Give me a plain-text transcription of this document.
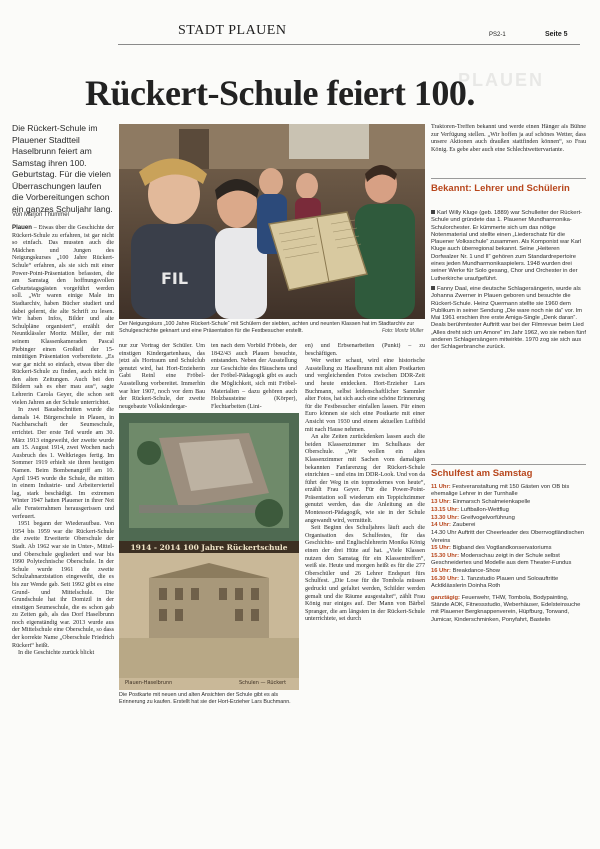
STADT PLAUEN	PS2-1	Seite 5
PLAUEN
Rückert-Schule feiert 100.
Die Rückert-Schule im Plauener Stadtteil Haselbrunn feiert am Samstag ihren 100. Geburtstag. Für die vielen Überraschungen laufen die Vorbereitungen schon ein ganzes Schuljahr lang.
Von Marjon Thümmel

Plauen – Etwas über die Geschichte der Rückert-Schule zu erfahren, ist gar nicht so einfach. Das mussten auch die Mädchen und Jungen des Neigungskurses „100 Jahre Rückert-Schule“ erfahren, als sie sich mit einer Power-Point-Präsentation befassten, die am Samstag den hoffnungsvollen Geburtstagsgästen vorgeführt werden soll. „Wir waren einige Male im Stadtarchiv, haben Bücher studiert und dabei gelernt, die alte Schrift zu lesen. Wir haben Infos, Bilder und alte Schulpläne organisiert“, erzählt der Neuntklässler Moritz Müller, der mit seinem Klassenkameraden Pascal Piebinger einen Großteil der 15-minütigen Präsentation vorbereitete. „Es war gar nicht so einfach, etwas über die Rückert-Schule zu finden, auch nicht in den alten Zeitungen. Auch bei den Bildern sah es eher mau aus“, sagte Lehrerin Carola Geyer, die schon seit vielen Jahren an der Schule unterrichtet.

In zwei Bauabschnitten wurde die damals 14. Bürgerschule in Plauen, in Nachbarschaft der Seumeschule, errichtet. Der erste Teil wurde am 30. März 1913 eingeweiht, der zweite wurde am 15. August 1914, zwei Wochen nach Ausbruch des 1. Weltkrieges fertig. Im Sommer 1919 erhielt sie ihren heutigen Namen. Beim Bombenangriff am 10. April 1945 wurde die Schule, die mitten in einem Industrie- und Arbeiterviertel lag, stark beschädigt. Im extremen Winter 1947 hatten Plauener in ihrer Not alle Fensterrahmen herausgerissen und verfeuert.

1951 begann der Wiederaufbau. Von 1954 bis 1959 war die Rückert-Schule die zweite Erweiterte Oberschule der Stadt. Ab 1962 war sie in Unter-, Mittel- und Oberschule gegliedert und war bis 1990 Polytechnische Oberschule. In der Schule wurde 1961 die zweite Schulzahnarztstation eingeweiht, die es bis zur Wende gab. Seit 1992 gibt es eine Grund- und Mittelschule. Die Grundschule hat ihr Domizil in der einstigen Seumeschule, die es schon gab zu Zeiten gab, als das Dorf Haselbrunn noch eigenständig war. 2013 wurde aus der Mittelschule eine Oberschule, so dass der korrekte Name „Oberschule Friedrich Rückert“ heißt.

In die Geschichte zurück blickt

FIL
Der Neigungskurs „100 Jahre Rückert-Schule“ mit Schülern der siebten, achten und neunten Klassen hat im Stadtarchiv zur Schulgeschichte geknarrt und eine Präsentation für die Festbesucher erstellt.	Foto: Moritz Müller

nur zur Vortrag der Schüler. Um einstigen Kindergartenhaus, das jetzt als Hortraum und Schulclub genutzt wird, hat Hort-Erzieherin Gabi Reinl eine Fröbel-Ausstellung vorbereitet. Immerhin war hier 1907, noch vor dem Bau der Rückert-Schule, der zweite neugebaute Volkskindergar-

ten nach dem Vorbild Fröbels, der 1842/43 auch Plauen besuchte, entstanden. Neben der Ausstellung zur Geschichte des Häuschens und der Fröbel-Pädagogik gibt es auch die Möglichkeit, sich mit Fröbel-Materialien – dazu gehören auch Holzbausteine (Körper), Flechtarbeiten (Lini-

en) und Erbsenarbeiten (Punkt) – zu beschäftigen.

Wer weiter schaut, wird eine historische Ausstellung zu Haselbrunn mit alten Postkarten und vergleichenden Fotos zwischen DDR-Zeit und heute entdecken. Hort-Erzieher Lars Buchmann, selbst leidenschaftlicher Sammler alter Fotos, hat sich auch eine schöne Erinnerung für die Festbesucher einfallen lassen. Für einen Euro können sie sich eine Postkarte mit einer Ansicht von 1930 und einem aktuellen Luftbild mit nach Hause nehmen.

An alte Zeiten zurückdenken lassen auch die beiden Klassenzimmer im Schulhaus der Oberschule. „Wir wollen ein altes Klassenzimmer mit Sachen vom damaligen bekannten Fanfarenzug der Rückert-Schule einrichten – und eins im DDR-Look. Und von da führt der Weg in ein topmodernes von heute“, erzählt Frau Geyer. Für die Power-Point-Präsentation soll wiederum ein Teppichzimmer genutzt werden, das die Anleitung an die Montessori-Pädagogik, wie sie in der Schule angewandt wird, vermittelt.

Seit Beginn des Schuljahres läuft auch die Organisation des Schulfestes, für das Geschichts- und Englischlehrerin Monika König einen der drei Hüte auf hat. „Viele Klassen nutzen den Samstag für ein Klassentreffen“, weiß sie. Heute und morgen heißt es für die 277 Oberschüler und 26 Lehrer Endspurt fürs Schulfest. „Die Lose für die Tombola müssen gedruckt und gefaltet werden, Schilder werden gemalt und die Räume ausgestaltet“, zählt Frau König nur einiges auf. Der Mann von Bärbel Spranger, die am längsten in der Rückert-Schule unterrichtete, sei durch

1914 - 2014 100 Jahre Rückertschule
Plauen-Haselbrunn	Schulen — Rückert
Die Postkarte mit neuen und alten Ansichten der Schule gibt es als Erinnerung zu kaufen. Erstellt hat sie der Hort-Erzieher Lars Buchmann.

Traktoren-Treffen bekannt und werde einen Hänger als Bühne zur Verfügung stellen. „Wir hoffen ja auf schönes Wetter, dass unsere Aktionen auch draußen stattfinden können“, so Frau König. Es gebe aber auch eine Schlechtwettervariante.

Bekannt: Lehrer und Schülerin

Karl Willy Kluge (geb. 1889) war Schulleiter der Rückert-Schule und gründete das 1. Plauener Mundharmonika-Schulorchester. Er kümmerte sich um das nötige Notenmaterial und stellte einen „Liederschatz für die Plauener Volksschule“ zusammen. Als Komponist war Karl Kluge auch überregional bekannt. Seine „Heiteren Dorfwalzer Nr. 1 und II“ gehören zum Standardrepertoire eines jeden Mundharmonikaspielers. 1948 wurden drei seiner Werke für Solo gesang, Chor und Orchester in der Lutherkirche uraufgeführt.

Fanny Daal, eine deutsche Schlagersängerin, wurde als Johanna Zwerner in Plauen geboren und besuchte die Rückert-Schule. Heinz Quermann stellte sie 1960 dem Publikum in seiner Sendung „Die ware noch nie da“ vor. Im Mai 1961 erschien ihre erste Amiga-Single „Denk daran“. Deals berühmtester Auftritt war bei der Filmrevue beim Lied „Alles dreht sich um Amore“ im Jahr 1962, wo sie neben fünf anderen Schlagersängern mitwirkte. 1970 zog sie sich aus der Schlagerbranche zurück.

Schulfest am Samstag
11 Uhr: Festveranstaltung mit 150 Gästen von OB bis ehemalige Lehrer in der Turnhalle
13 Uhr: Einmarsch Schalmeienkapelle
13.15 Uhr: Luftballon-Wettflug
13.30 Uhr: Greifvogelvorführung
14 Uhr: Zauberei
14.30 Uhr Auftritt der Cheerleader des Oberrvogtländischen Vereins
15 Uhr: Bigband des Vogtlandkonservatoriums
15.30 Uhr: Modenschau zeigt in der Schule selbst Geschneidertes und Modelle aus dem Theater-Fundus
16 Uhr: Breakdance-Show
16.30 Uhr: 1. Tanzstudio Plauen und Soloauftritte Acktklässlerin Doinha Roth

ganztägig: Feuerwehr, THW, Tombola, Bodypainting, Stände AOK, Fitnessstudio, Weberhäuser, Edelsteinsuche mit Plauener Bergknappenverein, Hüpfburg, Torwand, Jumicar, Kinderschminken, Ponyfahrt, Bastelin
